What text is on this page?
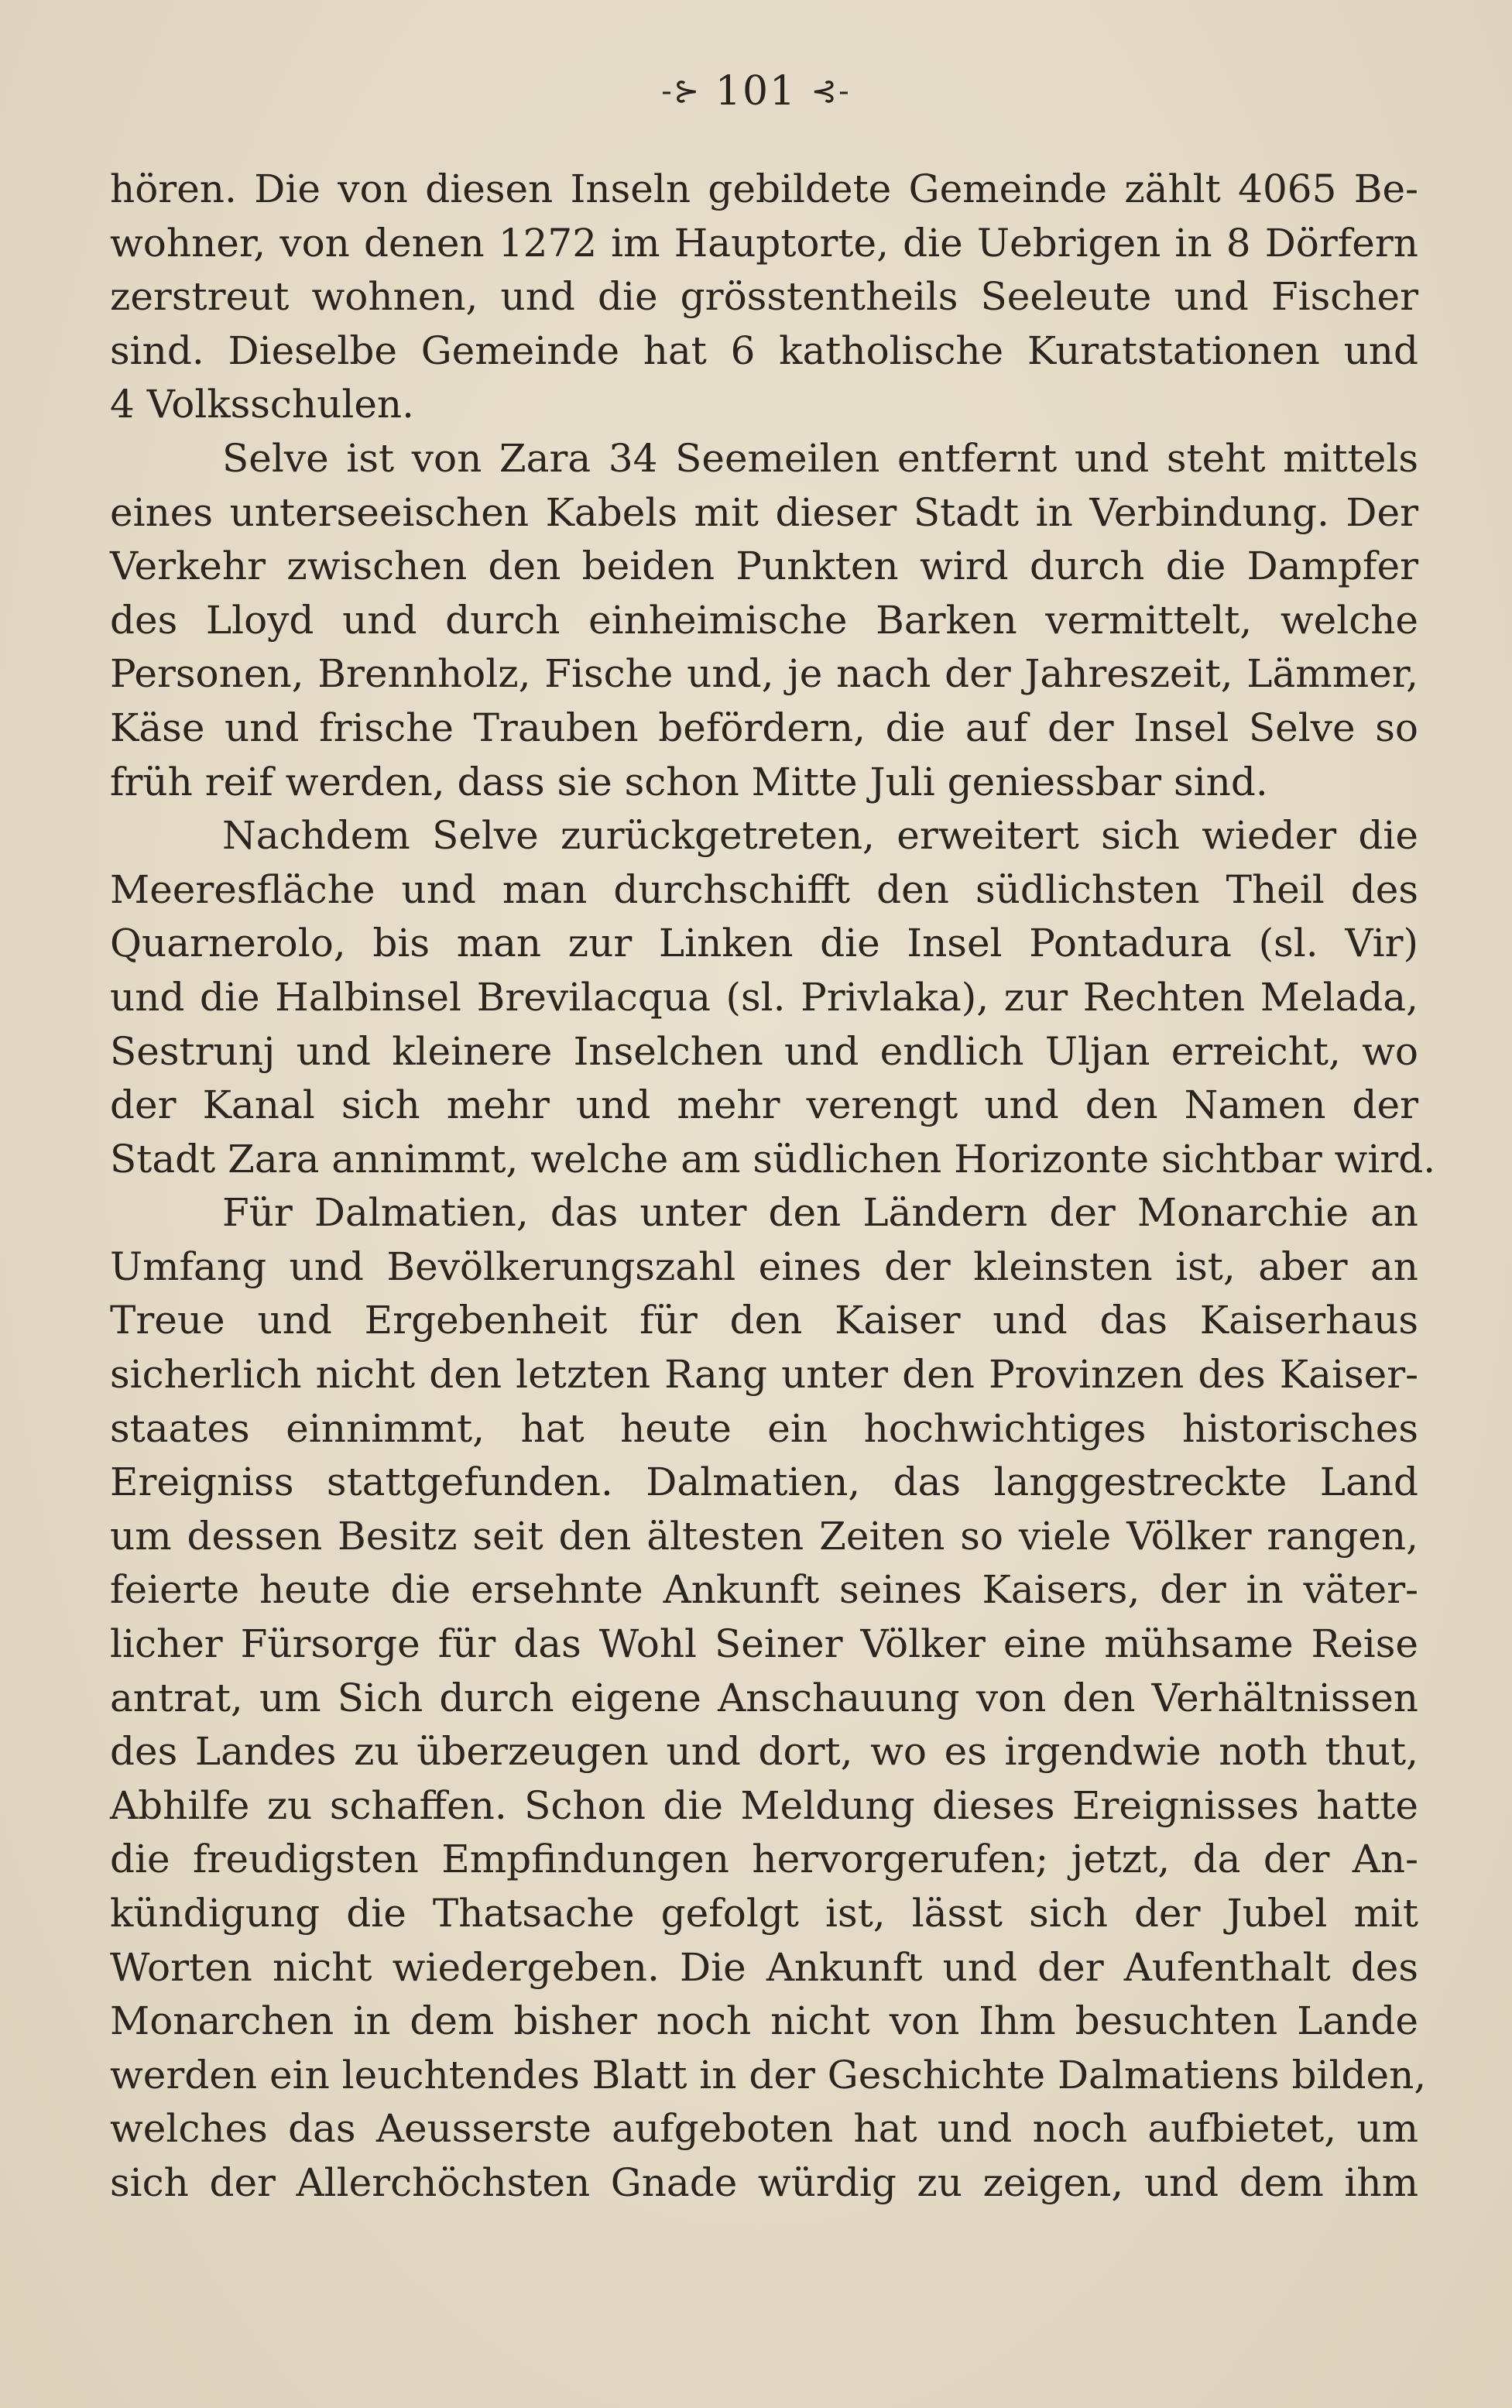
-⊱ 101 ⊰-
hören. Die von diesen Inseln gebildete Gemeinde zählt 4065 Be-
wohner, von denen 1272 im Hauptorte, die Uebrigen in 8 Dörfern
zerstreut wohnen, und die grösstentheils Seeleute und Fischer
sind. Dieselbe Gemeinde hat 6 katholische Kuratstationen und
4 Volksschulen.
Selve ist von Zara 34 Seemeilen entfernt und steht mittels
eines unterseeischen Kabels mit dieser Stadt in Verbindung. Der
Verkehr zwischen den beiden Punkten wird durch die Dampfer
des Lloyd und durch einheimische Barken vermittelt, welche
Personen, Brennholz, Fische und, je nach der Jahreszeit, Lämmer,
Käse und frische Trauben befördern, die auf der Insel Selve so
früh reif werden, dass sie schon Mitte Juli geniessbar sind.
Nachdem Selve zurückgetreten, erweitert sich wieder die
Meeresfläche und man durchschifft den südlichsten Theil des
Quarnerolo, bis man zur Linken die Insel Pontadura (sl. Vir)
und die Halbinsel Brevilacqua (sl. Privlaka), zur Rechten Melada,
Sestrunj und kleinere Inselchen und endlich Uljan erreicht, wo
der Kanal sich mehr und mehr verengt und den Namen der
Stadt Zara annimmt, welche am südlichen Horizonte sichtbar wird.
Für Dalmatien, das unter den Ländern der Monarchie an
Umfang und Bevölkerungszahl eines der kleinsten ist, aber an
Treue und Ergebenheit für den Kaiser und das Kaiserhaus
sicherlich nicht den letzten Rang unter den Provinzen des Kaiser-
staates einnimmt, hat heute ein hochwichtiges historisches
Ereigniss stattgefunden. Dalmatien, das langgestreckte Land
um dessen Besitz seit den ältesten Zeiten so viele Völker rangen,
feierte heute die ersehnte Ankunft seines Kaisers, der in väter-
licher Fürsorge für das Wohl Seiner Völker eine mühsame Reise
antrat, um Sich durch eigene Anschauung von den Verhältnissen
des Landes zu überzeugen und dort, wo es irgendwie noth thut,
Abhilfe zu schaffen. Schon die Meldung dieses Ereignisses hatte
die freudigsten Empfindungen hervorgerufen; jetzt, da der An-
kündigung die Thatsache gefolgt ist, lässt sich der Jubel mit
Worten nicht wiedergeben. Die Ankunft und der Aufenthalt des
Monarchen in dem bisher noch nicht von Ihm besuchten Lande
werden ein leuchtendes Blatt in der Geschichte Dalmatiens bilden,
welches das Aeusserste aufgeboten hat und noch aufbietet, um
sich der Allerchöchsten Gnade würdig zu zeigen, und dem ihm
